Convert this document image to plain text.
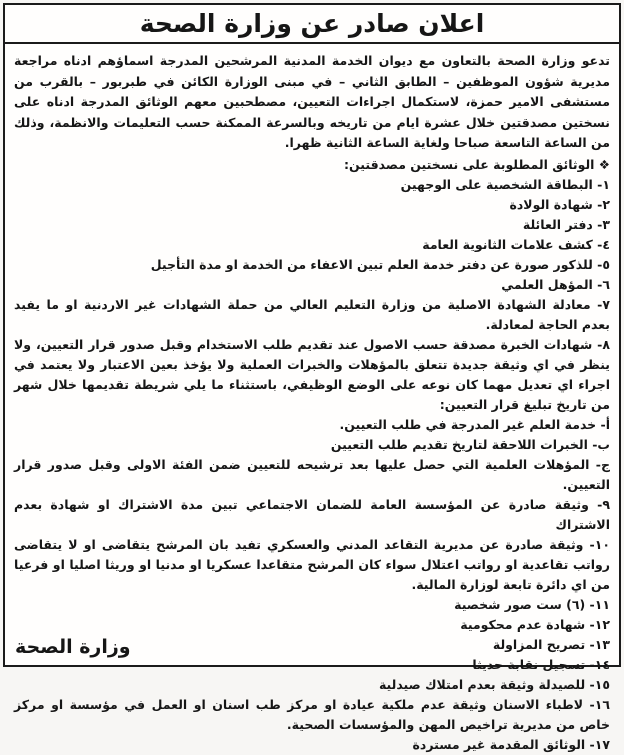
اعلان صادر عن وزارة الصحة

تدعو وزارة الصحة بالتعاون مع ديوان الخدمة المدنية المرشحين المدرجة اسماؤهم ادناه مراجعة مديرية شؤون الموظفين – الطابق الثاني – في مبنى الوزارة الكائن في طبربور – بالقرب من مستشفى الامير حمزة، لاستكمال اجراءات التعيين، مصطحبين معهم الوثائق المدرجة ادناه على نسختين مصدقتين خلال عشرة ايام من تاريخه وبالسرعة الممكنة حسب التعليمات والانظمة، وذلك من الساعة التاسعة صباحا ولغاية الساعة الثانية ظهرا.

❖ الوثائق المطلوبة على نسختين مصدقتين:
١- البطاقة الشخصية على الوجهين
٢- شهادة الولادة
٣- دفتر العائلة
٤- كشف علامات الثانوية العامة
٥- للذكور صورة عن دفتر خدمة العلم تبين الاعفاء من الخدمة او مدة التأجيل
٦- المؤهل العلمي
٧- معادلة الشهادة الاصلية من وزارة التعليم العالي من حملة الشهادات غير الاردنية او ما يفيد بعدم الحاجة لمعادلة.
٨- شهادات الخبرة مصدقة حسب الاصول عند تقديم طلب الاستخدام وقبل صدور قرار التعيين، ولا ينظر في اي وثيقة جديدة تتعلق بالمؤهلات والخبرات العملية ولا يؤخذ بعين الاعتبار ولا يعتمد في اجراء اي تعديل مهما كان نوعه على الوضع الوظيفي، باستثناء ما يلي شريطة تقديمها خلال شهر من تاريخ تبليغ قرار التعيين:
أ- خدمة العلم غير المدرجة في طلب التعيين.
ب- الخبرات اللاحقة لتاريخ تقديم طلب التعيين
ج- المؤهلات العلمية التي حصل عليها بعد ترشيحه للتعيين ضمن الفئة الاولى وقبل صدور قرار التعيين.
٩- وثيقة صادرة عن المؤسسة العامة للضمان الاجتماعي تبين مدة الاشتراك او شهادة بعدم الاشتراك
١٠- وثيقة صادرة عن مديرية التقاعد المدني والعسكري تفيد بان المرشح يتقاضى او لا يتقاضى رواتب تقاعدية او رواتب اعتلال سواء كان المرشح متقاعدا عسكريا او مدنيا او وريثا اصليا او فرعيا من اي دائرة تابعة لوزارة المالية.
١١- (٦) ست صور شخصية
١٢- شهادة عدم محكومية
١٣- تصريح المزاولة
١٤- تسجيل نقابة حديثا
١٥- للصيدلة وثيقة بعدم امتلاك صيدلية
١٦- لاطباء الاسنان وثيقة عدم ملكية عيادة او مركز طب اسنان او العمل في مؤسسة او مركز خاص من مديرية تراخيص المهن والمؤسسات الصحية.
١٧- الوثائق المقدمة غير مستردة
وزارة الصحة
